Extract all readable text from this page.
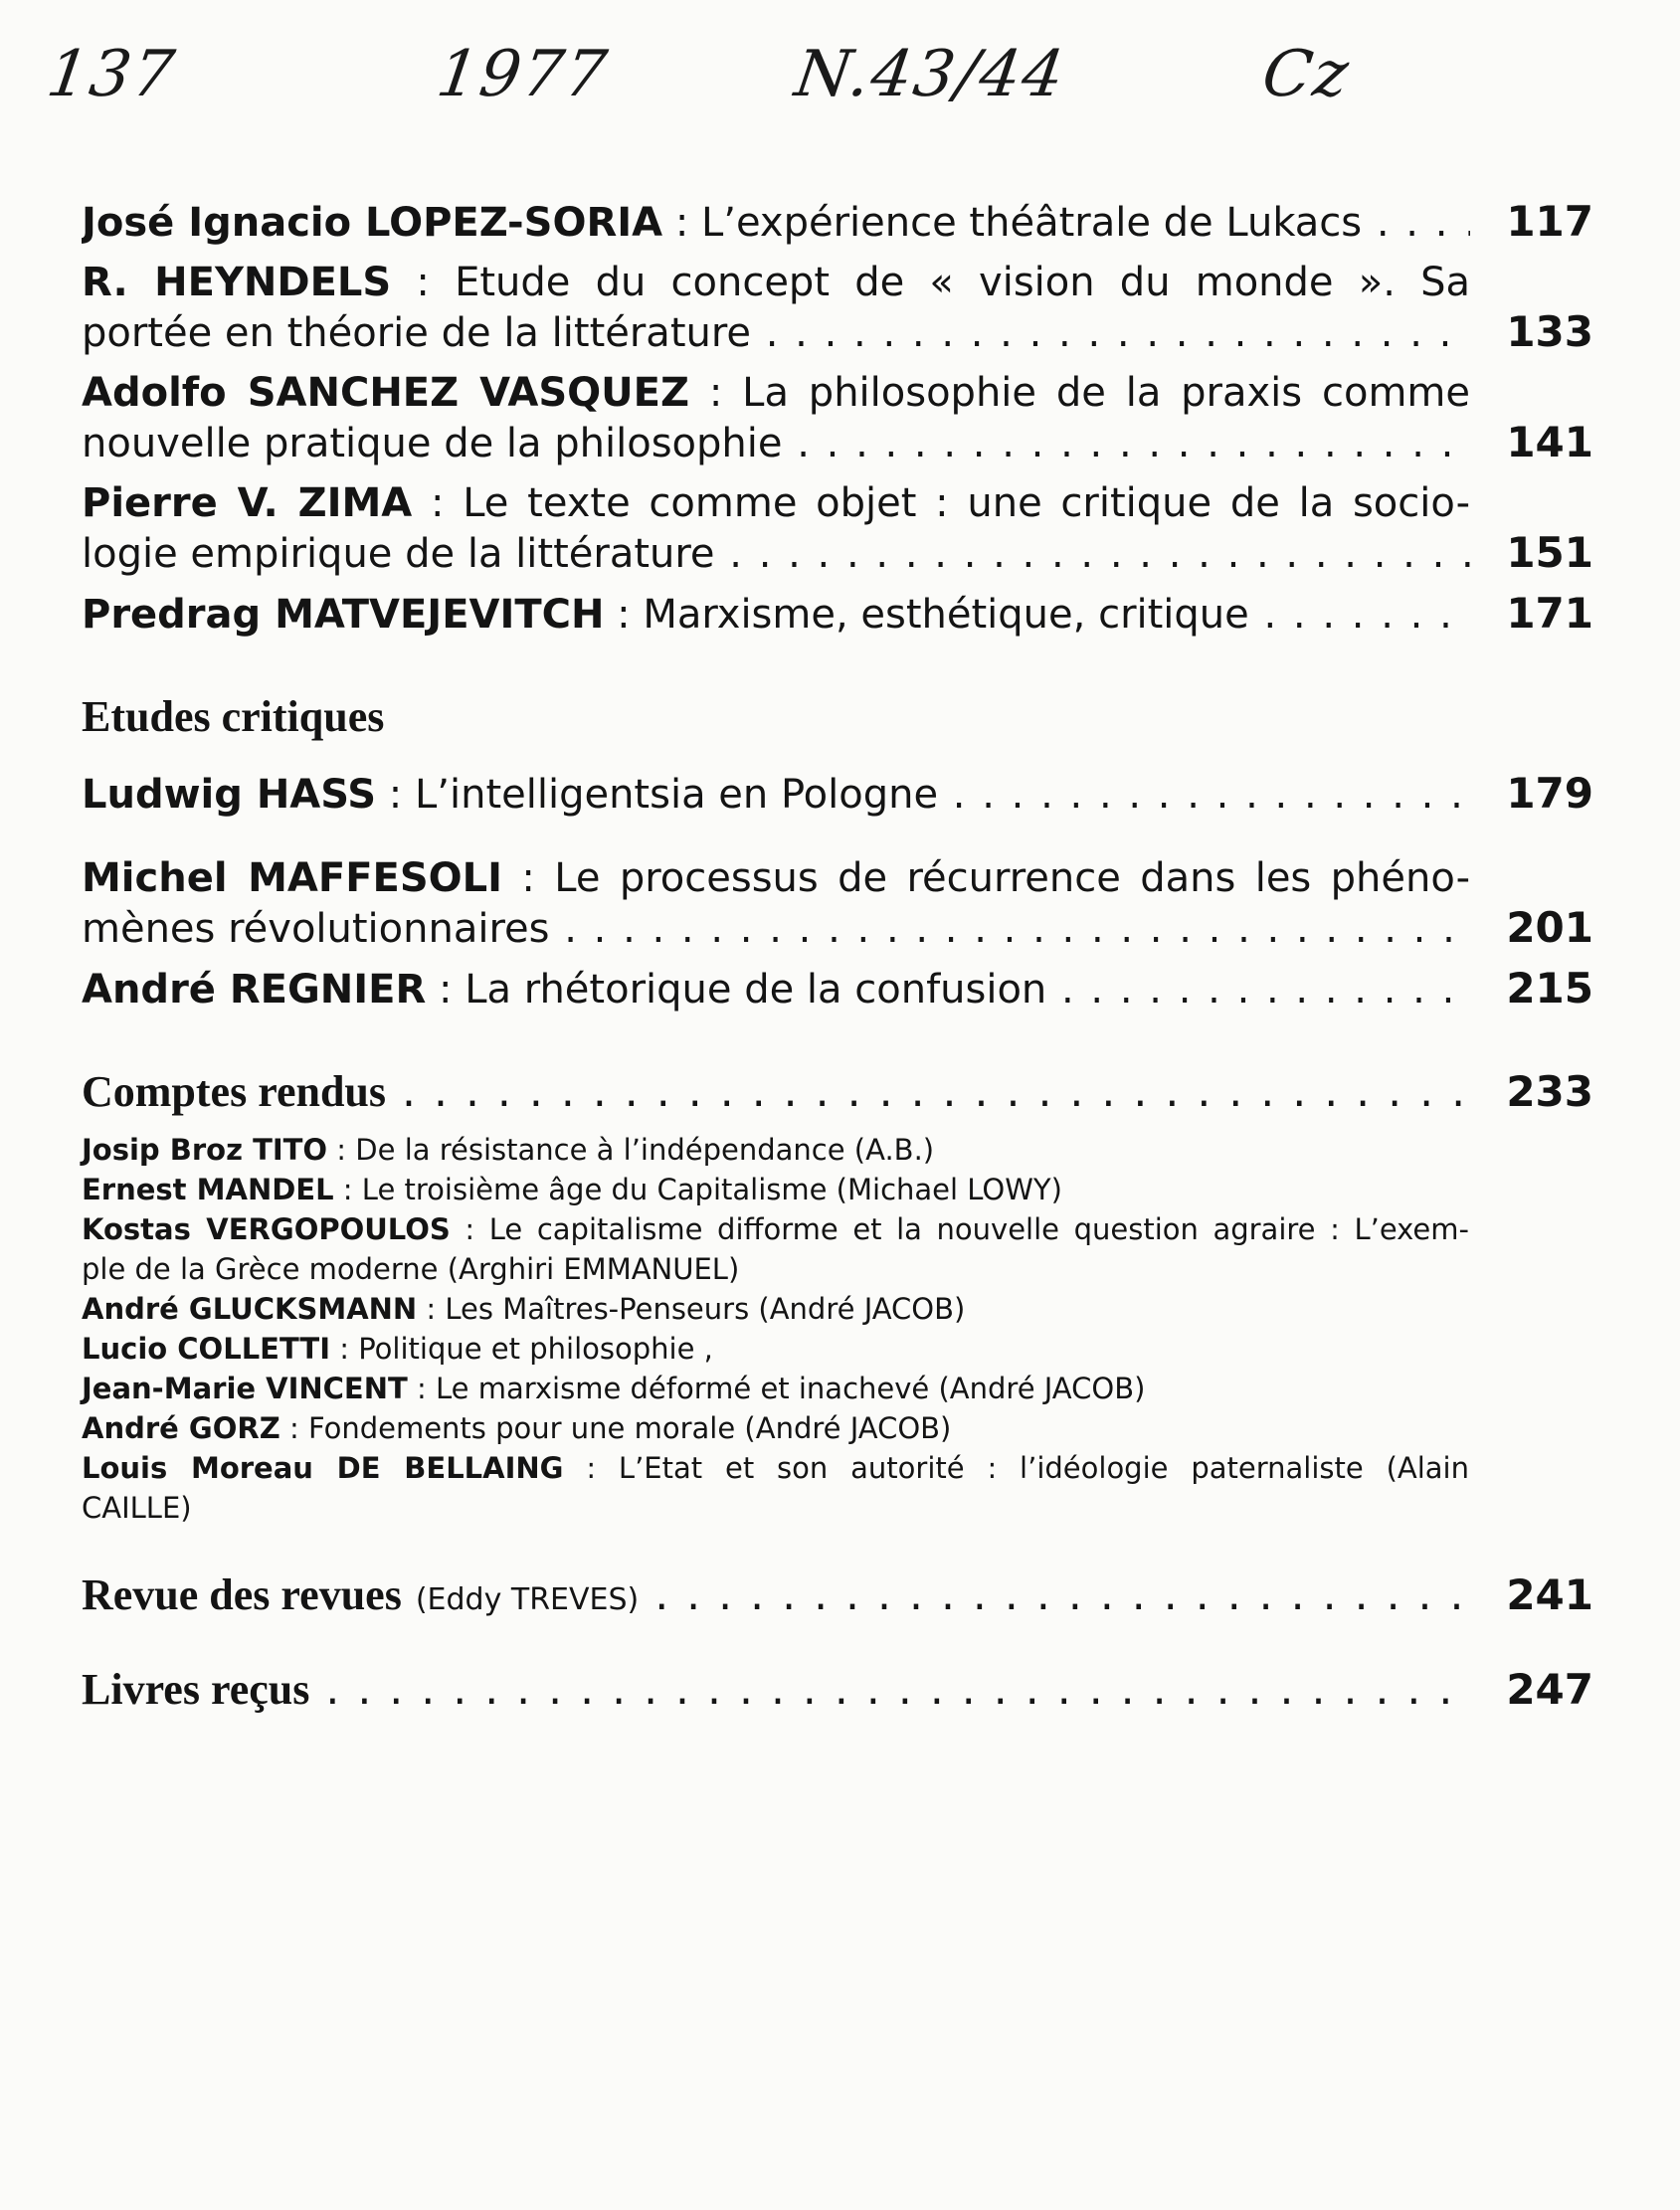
137	1977	N.43/44	Cz
José Ignacio LOPEZ-SORIA : L’expérience théâtrale de Lukacs . . .	117
R. HEYNDELS : Etude du concept de « vision du monde ». Sa
portée en théorie de la littérature . . .	133
Adolfo SANCHEZ VASQUEZ : La philosophie de la praxis comme
nouvelle pratique de la philosophie . . .	141
Pierre V. ZIMA : Le texte comme objet : une critique de la socio-
logie empirique de la littérature . . .	151
Predrag MATVEJEVITCH : Marxisme, esthétique, critique . . .	171
Etudes critiques
Ludwig HASS : L’intelligentsia en Pologne . . .	179
Michel MAFFESOLI : Le processus de récurrence dans les phéno-
mènes révolutionnaires . . .	201
André REGNIER : La rhétorique de la confusion . . .	215
Comptes rendus . . .	233
Josip Broz TITO : De la résistance à l’indépendance (A.B.)
Ernest MANDEL : Le troisième âge du Capitalisme (Michael LOWY)
Kostas VERGOPOULOS : Le capitalisme difforme et la nouvelle question agraire : L’exem-
ple de la Grèce moderne (Arghiri EMMANUEL)
André GLUCKSMANN : Les Maîtres-Penseurs (André JACOB)
Lucio COLLETTI : Politique et philosophie ,
Jean-Marie VINCENT : Le marxisme déformé et inachevé (André JACOB)
André GORZ : Fondements pour une morale (André JACOB)
Louis Moreau DE BELLAING : L’Etat et son autorité : l’idéologie paternaliste (Alain
CAILLE)
Revue des revues (Eddy TREVES) . . .	241
Livres reçus . . .	247
